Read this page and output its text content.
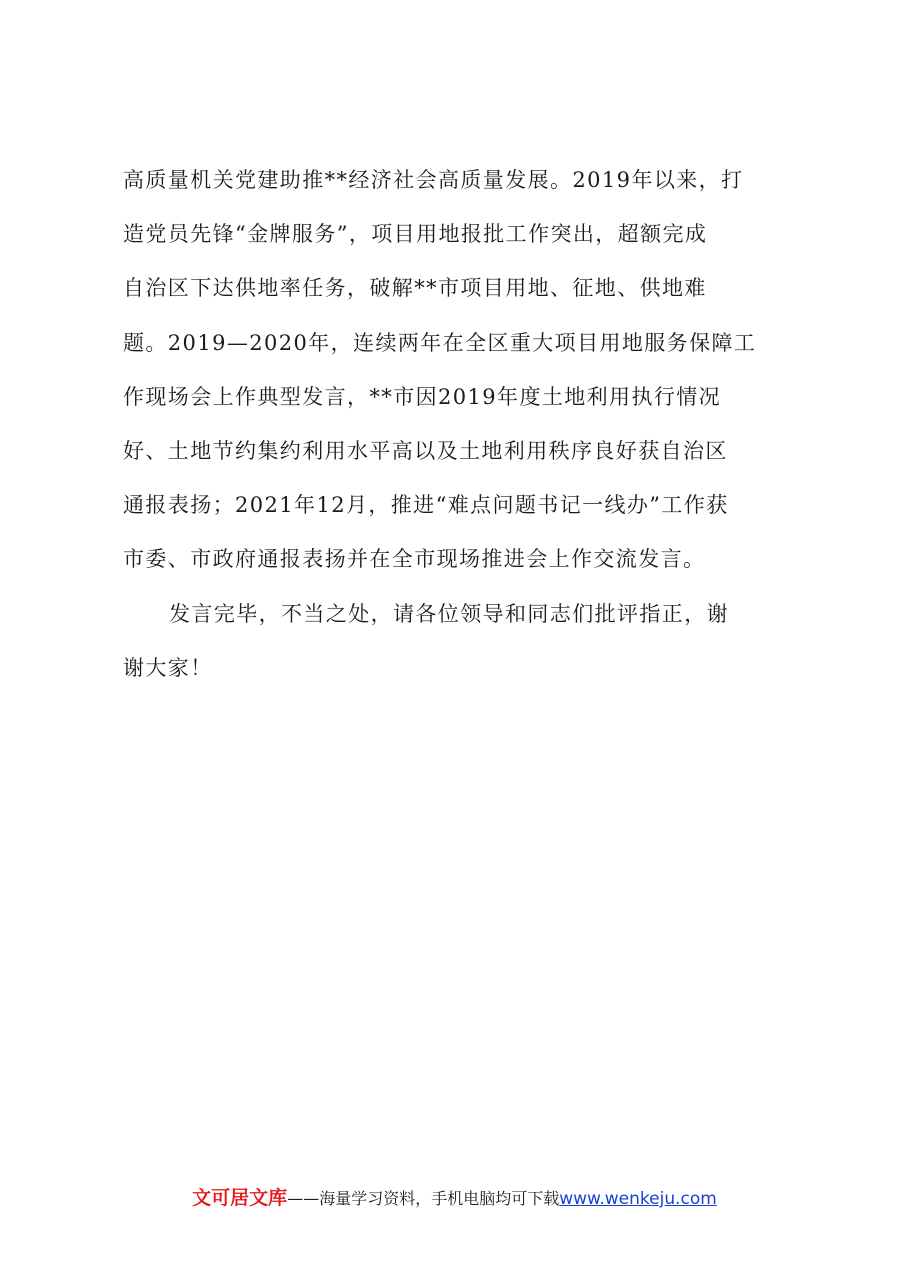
高质量机关党建助推**经济社会高质量发展。2019年以来，打
造党员先锋“金牌服务”，项目用地报批工作突出，超额完成
自治区下达供地率任务，破解**市项目用地、征地、供地难
题。2019—2020年，连续两年在全区重大项目用地服务保障工
作现场会上作典型发言，**市因2019年度土地利用执行情况
好、土地节约集约利用水平高以及土地利用秩序良好获自治区
通报表扬；2021年12月，推进“难点问题书记一线办”工作获
市委、市政府通报表扬并在全市现场推进会上作交流发言。
发言完毕，不当之处，请各位领导和同志们批评指正，谢
谢大家！
文可居文库——海量学习资料，手机电脑均可下载www.wenkeju.com
